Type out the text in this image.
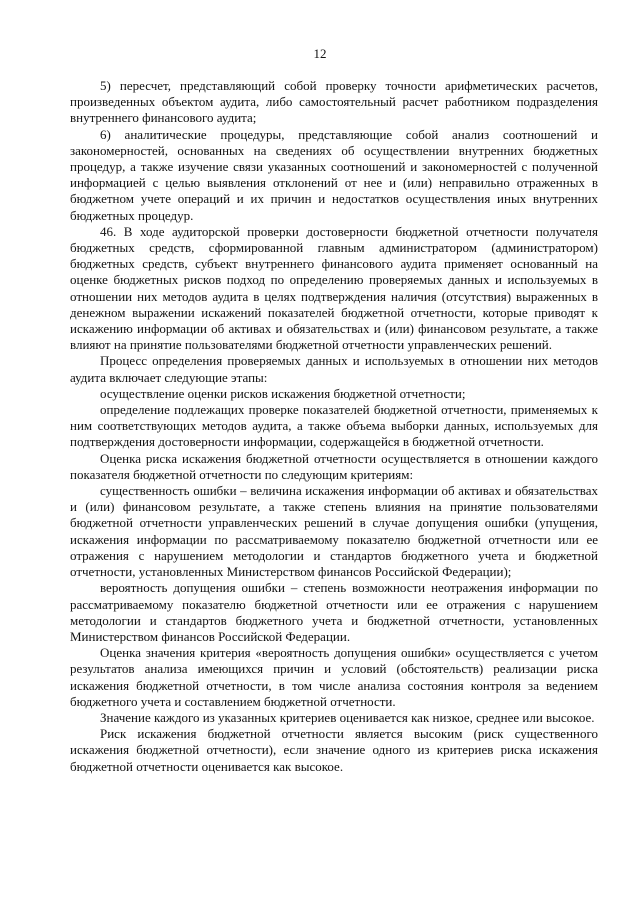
12

5) пересчет, представляющий собой проверку точности арифметических расчетов, произведенных объектом аудита, либо самостоятельный расчет работником подразделения внутреннего финансового аудита;

6) аналитические процедуры, представляющие собой анализ соотношений и закономерностей, основанных на сведениях об осуществлении внутренних бюджетных процедур, а также изучение связи указанных соотношений и закономерностей с полученной информацией с целью выявления отклонений от нее и (или) неправильно отраженных в бюджетном учете операций и их причин и недостатков осуществления иных внутренних бюджетных процедур.

46. В ходе аудиторской проверки достоверности бюджетной отчетности получателя бюджетных средств, сформированной главным администратором (администратором) бюджетных средств, субъект внутреннего финансового аудита применяет основанный на оценке бюджетных рисков подход по определению проверяемых данных и используемых в отношении них методов аудита в целях подтверждения наличия (отсутствия) выраженных в денежном выражении искажений показателей бюджетной отчетности, которые приводят к искажению информации об активах и обязательствах и (или) финансовом результате, а также влияют на принятие пользователями бюджетной отчетности управленческих решений.

Процесс определения проверяемых данных и используемых в отношении них методов аудита включает следующие этапы:

осуществление оценки рисков искажения бюджетной отчетности;

определение подлежащих проверке показателей бюджетной отчетности, применяемых к ним соответствующих методов аудита, а также объема выборки данных, используемых для подтверждения достоверности информации, содержащейся в бюджетной отчетности.

Оценка риска искажения бюджетной отчетности осуществляется в отношении каждого показателя бюджетной отчетности по следующим критериям:

существенность ошибки – величина искажения информации об активах и обязательствах и (или) финансовом результате, а также степень влияния на принятие пользователями бюджетной отчетности управленческих решений в случае допущения ошибки (упущения, искажения информации по рассматриваемому показателю бюджетной отчетности или ее отражения с нарушением методологии и стандартов бюджетного учета и бюджетной отчетности, установленных Министерством финансов Российской Федерации);

вероятность допущения ошибки – степень возможности неотражения информации по рассматриваемому показателю бюджетной отчетности или ее отражения с нарушением методологии и стандартов бюджетного учета и бюджетной отчетности, установленных Министерством финансов Российской Федерации.

Оценка значения критерия «вероятность допущения ошибки» осуществляется с учетом результатов анализа имеющихся причин и условий (обстоятельств) реализации риска искажения бюджетной отчетности, в том числе анализа состояния контроля за ведением бюджетного учета и составлением бюджетной отчетности.

Значение каждого из указанных критериев оценивается как низкое, среднее или высокое.

Риск искажения бюджетной отчетности является высоким (риск существенного искажения бюджетной отчетности), если значение одного из критериев риска искажения бюджетной отчетности оценивается как высокое.
